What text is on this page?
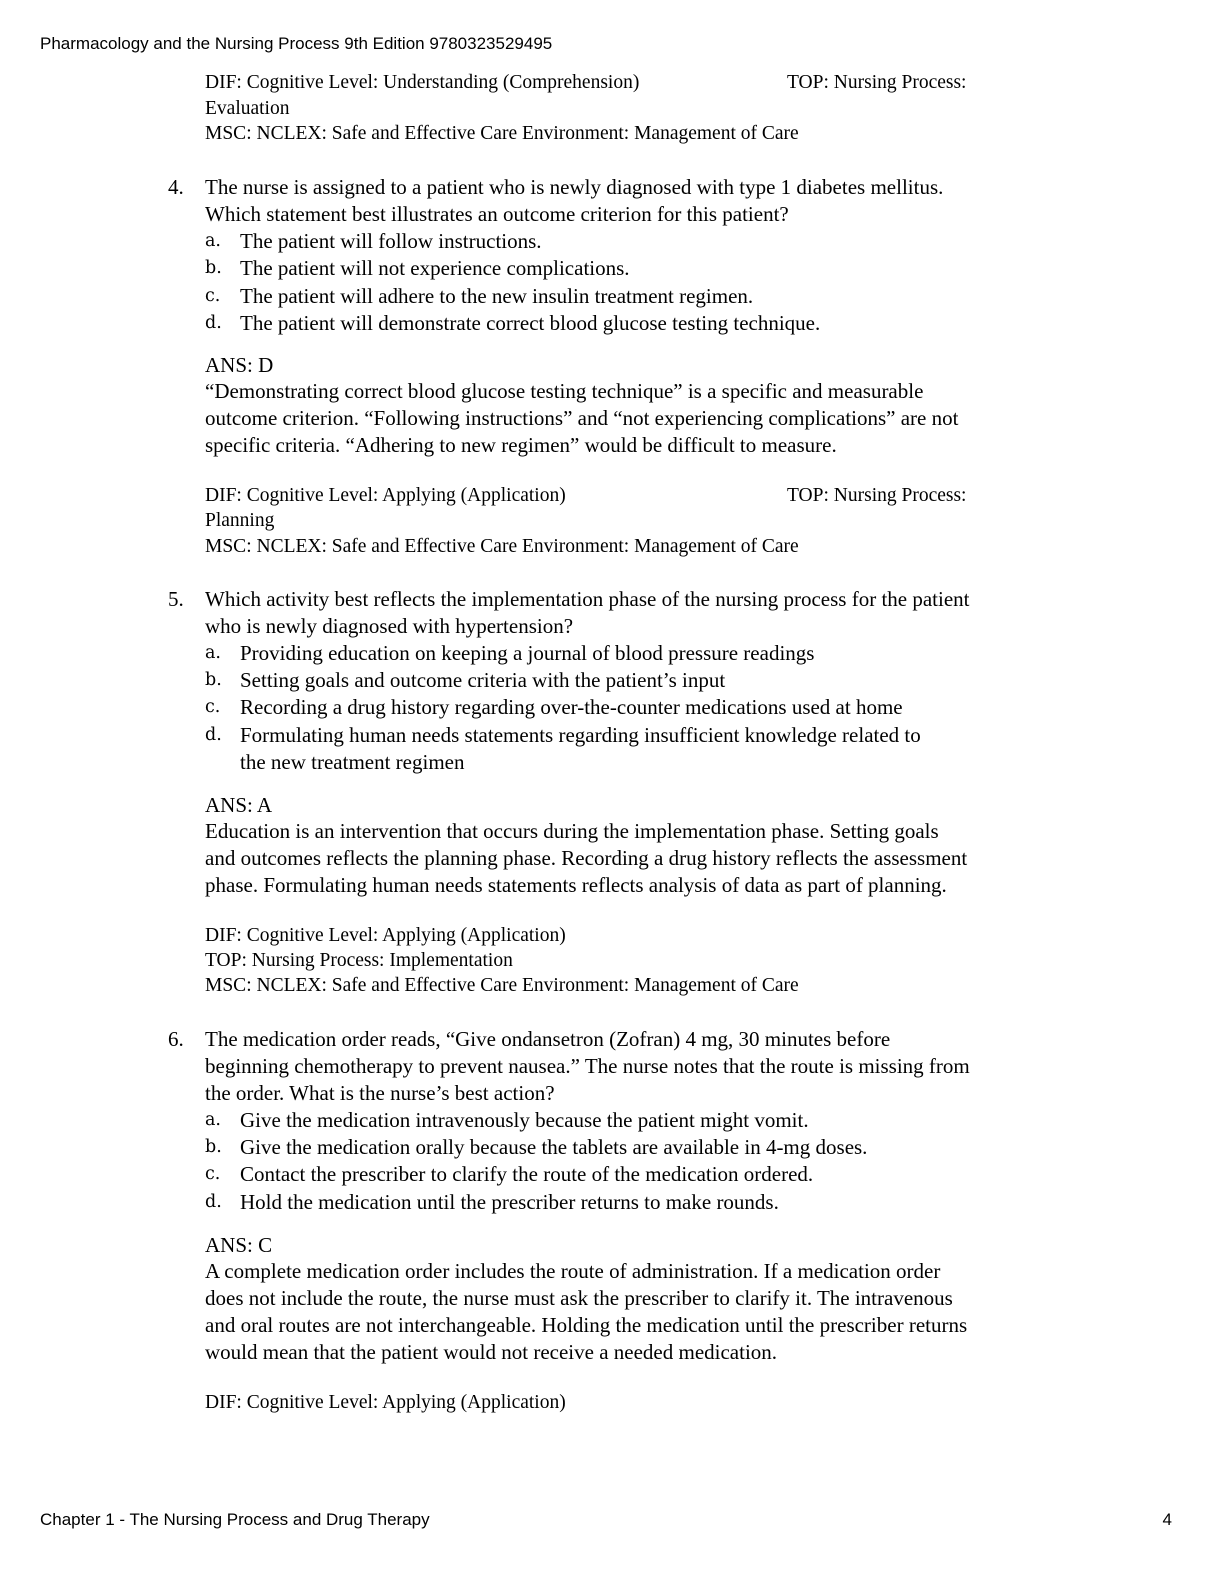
Pharmacology and the Nursing Process 9th Edition 9780323529495
Chapter 1 - The Nursing Process and Drug Therapy	4
DIF: Cognitive Level: Understanding (Comprehension)	TOP: Nursing Process:
Evaluation
MSC: NCLEX: Safe and Effective Care Environment: Management of Care
4. The nurse is assigned to a patient who is newly diagnosed with type 1 diabetes mellitus.
Which statement best illustrates an outcome criterion for this patient?
a. The patient will follow instructions.
b. The patient will not experience complications.
c. The patient will adhere to the new insulin treatment regimen.
d. The patient will demonstrate correct blood glucose testing technique.
ANS: D
“Demonstrating correct blood glucose testing technique” is a specific and measurable
outcome criterion. “Following instructions” and “not experiencing complications” are not
specific criteria. “Adhering to new regimen” would be difficult to measure.
DIF: Cognitive Level: Applying (Application)	TOP: Nursing Process:
Planning
MSC: NCLEX: Safe and Effective Care Environment: Management of Care
5. Which activity best reflects the implementation phase of the nursing process for the patient
who is newly diagnosed with hypertension?
a. Providing education on keeping a journal of blood pressure readings
b. Setting goals and outcome criteria with the patient’s input
c. Recording a drug history regarding over-the-counter medications used at home
d. Formulating human needs statements regarding insufficient knowledge related to
the new treatment regimen
ANS: A
Education is an intervention that occurs during the implementation phase. Setting goals
and outcomes reflects the planning phase. Recording a drug history reflects the assessment
phase. Formulating human needs statements reflects analysis of data as part of planning.
DIF: Cognitive Level: Applying (Application)
TOP: Nursing Process: Implementation
MSC: NCLEX: Safe and Effective Care Environment: Management of Care
6. The medication order reads, “Give ondansetron (Zofran) 4 mg, 30 minutes before
beginning chemotherapy to prevent nausea.” The nurse notes that the route is missing from
the order. What is the nurse’s best action?
a. Give the medication intravenously because the patient might vomit.
b. Give the medication orally because the tablets are available in 4-mg doses.
c. Contact the prescriber to clarify the route of the medication ordered.
d. Hold the medication until the prescriber returns to make rounds.
ANS: C
A complete medication order includes the route of administration. If a medication order
does not include the route, the nurse must ask the prescriber to clarify it. The intravenous
and oral routes are not interchangeable. Holding the medication until the prescriber returns
would mean that the patient would not receive a needed medication.
DIF: Cognitive Level: Applying (Application)
